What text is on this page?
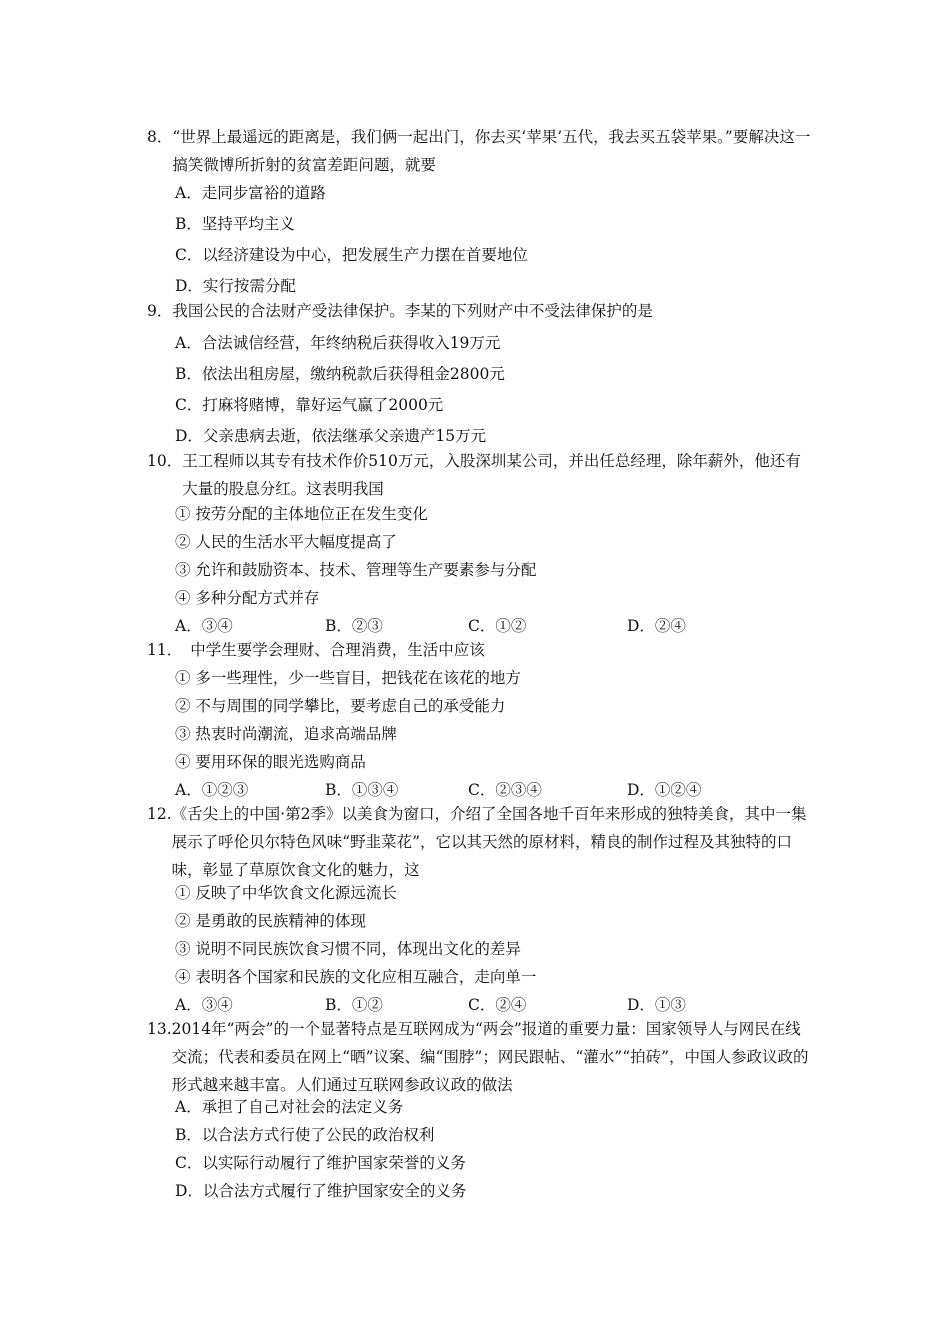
8． “世界上最遥远的距离是，我们俩一起出门，你去买‘苹果’五代，我去买五袋苹果。”要解决这一搞笑微博所折射的贫富差距问题，就要
A．走同步富裕的道路
B．坚持平均主义
C．以经济建设为中心，把发展生产力摆在首要地位
D．实行按需分配
9． 我国公民的合法财产受法律保护。李某的下列财产中不受法律保护的是
A．合法诚信经营，年终纳税后获得收入19万元
B．依法出租房屋，缴纳税款后获得租金2800元
C．打麻将赌博，靠好运气赢了2000元
D．父亲患病去逝，依法继承父亲遗产15万元
10． 王工程师以其专有技术作价510万元，入股深圳某公司，并出任总经理，除年薪外，他还有大量的股息分红。这表明我国
① 按劳分配的主体地位正在发生变化
② 人民的生活水平大幅度提高了
③ 允许和鼓励资本、技术、管理等生产要素参与分配
④ 多种分配方式并存
A．③④	B．②③	C．①②	D．②④
11． 中学生要学会理财、合理消费，生活中应该
① 多一些理性，少一些盲目，把钱花在该花的地方
② 不与周围的同学攀比，要考虑自己的承受能力
③ 热衷时尚潮流，追求高端品牌
④ 要用环保的眼光选购商品
A．①②③	B．①③④	C．②③④	D．①②④
12. 《舌尖上的中国·第2季》以美食为窗口，介绍了全国各地千百年来形成的独特美食，其中一集展示了呼伦贝尔特色风味“野韭菜花”，它以其天然的原材料，精良的制作过程及其独特的口味，彰显了草原饮食文化的魅力，这
① 反映了中华饮食文化源远流长
② 是勇敢的民族精神的体现
③ 说明不同民族饮食习惯不同，体现出文化的差异
④ 表明各个国家和民族的文化应相互融合，走向单一
A．③④	B．①②	C．②④	D．①③
13. 2014年“两会”的一个显著特点是互联网成为“两会”报道的重要力量：国家领导人与网民在线交流；代表和委员在网上“晒”议案、编“围脖”；网民跟帖、“灌水”“拍砖”，中国人参政议政的形式越来越丰富。人们通过互联网参政议政的做法
A．承担了自己对社会的法定义务
B．以合法方式行使了公民的政治权利
C．以实际行动履行了维护国家荣誉的义务
D．以合法方式履行了维护国家安全的义务
